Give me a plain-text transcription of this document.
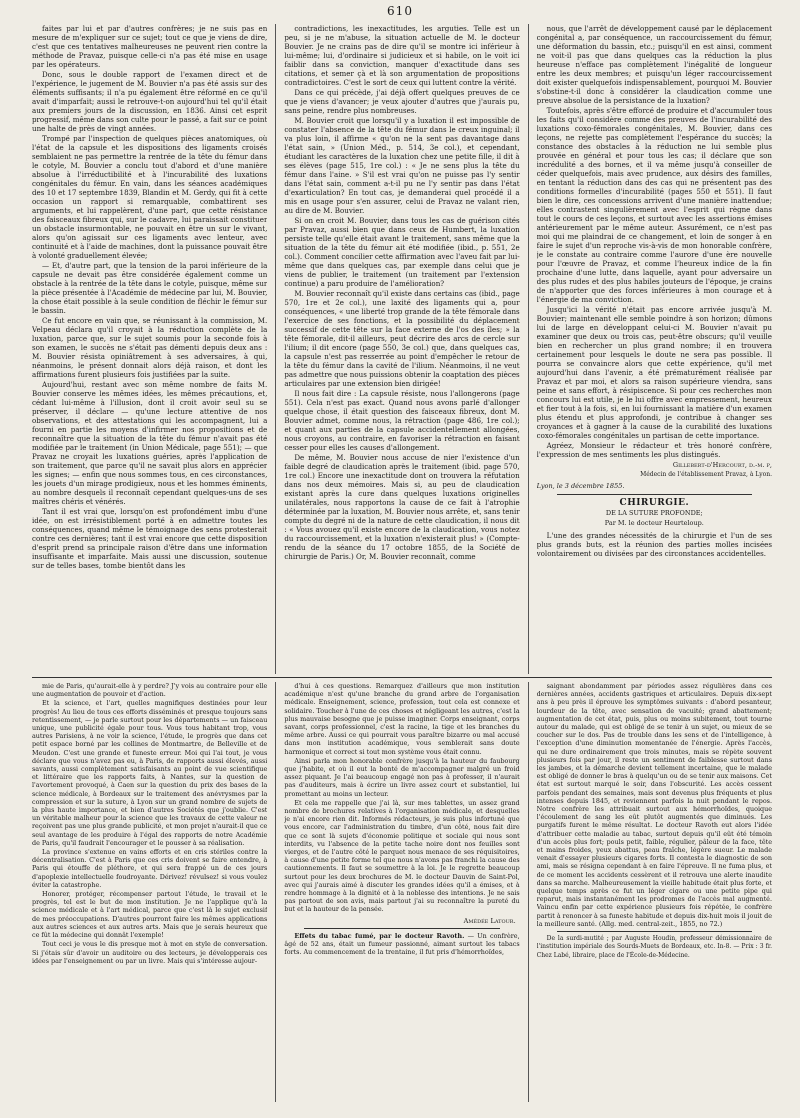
610

faites par lui et par d'autres confrères; je ne suis pas en mesure de m'expliquer sur ce sujet; tout ce que je viens de dire, c'est que ces tentatives malheureuses ne peuvent rien contre la méthode de Pravaz, puisque celle-ci n'a pas été mise en usage par les opérateurs.

Donc, sous le double rapport de l'examen direct et de l'expérience, le jugement de M. Bouvier n'a pas été assis sur des éléments suffisants; il n'a pu également être réformé en ce qu'il avait d'imparfait; aussi le retrouve-t-on aujourd'hui tel qu'il était aux premiers jours de la discussion, en 1836. Ainsi cet esprit progressif, même dans son culte pour le passé, a fait sur ce point une halte de près de vingt années.

Trompé par l'inspection de quelques pièces anatomiques, où l'état de la capsule et les dispositions des ligaments croisés semblaient ne pas permettre la rentrée de la tête du fémur dans le cotyle, M. Bouvier a conclu tout d'abord et d'une manière absolue à l'irréductibilité et à l'incurabilité des luxations congénitales du fémur. En vain, dans les séances académiques des 10 et 17 septembre 1839, Blandin et M. Gerdy, qui fit à cette occasion un rapport si remarquable, combattirent ses arguments, et lui rappelèrent, d'une part, que cette résistance des faisceaux fibreux qui, sur le cadavre, lui paraissait constituer un obstacle insurmontable, ne pouvait en être un sur le vivant, alors qu'on agissait sur ces ligaments avec lenteur, avec continuité et à l'aide de machines, dont la puissance pouvait être à volonté graduellement élevée;

— Et, d'autre part, que la tension de la paroi inférieure de la capsule ne devait pas être considérée également comme un obstacle à la rentrée de la tête dans le cotyle, puisque, même sur la pièce présentée à l'Académie de médecine par lui, M. Bouvier, la chose était possible à la seule condition de fléchir le fémur sur le bassin.

Ce fut encore en vain que, se réunissant à la commission, M. Velpeau déclara qu'il croyait à la réduction complète de la luxation, parce que, sur le sujet soumis pour la seconde fois à son examen, le succès ne s'était pas démenti depuis deux ans : M. Bouvier résista opiniâtrement à ses adversaires, à qui, néanmoins, le présent donnait alors déjà raison, et dont les affirmations furent plusieurs fois justifiées par la suite.

Aujourd'hui, restant avec son même nombre de faits M. Bouvier conserve les mêmes idées, les mêmes précautions, et, cédant lui-même à l'illusion, dont il croit avoir seul su se préserver, il déclare — qu'une lecture attentive de nos observations, et des attestations qui les accompagnent, lui a fourni en partie les moyens d'infirmer nos propositions et de reconnaître que la situation de la tête du fémur n'avait pas été modifiée par le traitement (in Union Médicale, page 551); — que Pravaz ne croyait les luxations guéries, après l'application de son traitement, que parce qu'il ne savait plus alors en apprécier les signes; — enfin que nous sommes tous, en ces circonstances, les jouets d'un mirage prodigieux, nous et les hommes éminents, au nombre desquels il reconnaît cependant quelques-uns de ses maîtres chéris et vénérés.

Tant il est vrai que, lorsqu'on est profondément imbu d'une idée, on est irrésistiblement porté à en admettre toutes les conséquences, quand même le témoignage des sens protesterait contre ces dernières; tant il est vrai encore que cette disposition d'esprit prend sa principale raison d'être dans une information insuffisante et imparfaite. Mais aussi une discussion, soutenue sur de telles bases, tombe bientôt dans les

contradictions, les inexactitudes, les arguties. Telle est un peu, si je ne m'abuse, la situation actuelle de M. le docteur Bouvier. Je ne crains pas de dire qu'il se montre ici inférieur à lui-même; lui, d'ordinaire si judicieux et si habile, on le voit ici faiblir dans sa conviction, manquer d'exactitude dans ses citations, et semer çà et là son argumentation de propositions contradictoires. C'est le sort de ceux qui luttent contre la vérité.

Dans ce qui précède, j'ai déjà offert quelques preuves de ce que je viens d'avancer; je veux ajouter d'autres que j'aurais pu, sans peine, rendre plus nombreuses.

M. Bouvier croit que lorsqu'il y a luxation il est impossible de constater l'absence de la tête du fémur dans le creux inguinal; il va plus loin, il affirme « qu'on ne la sent pas davantage dans l'état sain, » (Union Méd., p. 514, 3e col.), et cependant, étudiant les caractères de la luxation chez une petite fille, il dit à ses élèves (page 515, 1re col.) : « Je ne sens plus la tête du fémur dans l'aine. » S'il est vrai qu'on ne puisse pas l'y sentir dans l'état sain, comment a-t-il pu ne l'y sentir pas dans l'état d'exarticulation? En tout cas, je demanderai quel procédé il a mis en usage pour s'en assurer, celui de Pravaz ne valant rien, au dire de M. Bouvier.

Si on en croit M. Bouvier, dans tous les cas de guérison cités par Pravaz, aussi bien que dans ceux de Humbert, la luxation persiste telle qu'elle était avant le traitement, sans même que la situation de la tête du fémur ait été modifiée (ibid., p. 551, 2e col.). Comment concilier cette affirmation avec l'aveu fait par lui-même que dans quelques cas, par exemple dans celui que je viens de publier, le traitement (un traitement par l'extension continue) a paru produire de l'amélioration?

M. Bouvier reconnaît qu'il existe dans certains cas (ibid., page 570, 1re et 2e col.), une laxité des ligaments qui a, pour conséquences, « une liberté trop grande de la tête fémorale dans l'exercice de ses fonctions, et la possibilité du déplacement successif de cette tête sur la face externe de l'os des îles; » la tête fémorale, dit-il ailleurs, peut décrire des arcs de cercle sur l'ilium; il dit encore (page 550, 3e col.) que, dans quelques cas, la capsule n'est pas resserrée au point d'empêcher le retour de la tête du fémur dans la cavité de l'ilium. Néanmoins, il ne veut pas admettre que nous puissions obtenir la coaptation des pièces articulaires par une extension bien dirigée!

Il nous fait dire : La capsule résiste, nous l'allongerons (page 551). Cela n'est pas exact. Quand nous avons parlé d'allonger quelque chose, il était question des faisceaux fibreux, dont M. Bouvier admet, comme nous, la rétraction (page 486, 1re col.); et quant aux parties de la capsule accidentellement allongées, nous croyons, au contraire, en favoriser la rétraction en faisant cesser pour elles les causes d'allongement.

De même, M. Bouvier nous accuse de nier l'existence d'un faible degré de claudication après le traitement (ibid. page 570, 1re col.) Encore une inexactitude dont on trouvera la réfutation dans nos deux mémoires. Mais si, au peu de claudication existant après la cure dans quelques luxations originelles unilatérales, nous rapportons la cause de ce fait à l'atrophie déterminée par la luxation, M. Bouvier nous arrête, et, sans tenir compte du degré ni de la nature de cette claudication, il nous dit : « Vous avouez qu'il existe encore de la claudication, vous notez du raccourcissement, et la luxation n'existerait plus! » (Compte-rendu de la séance du 17 octobre 1855, de la Société de chirurgie de Paris.) Or, M. Bouvier reconnaît, comme

nous, que l'arrêt de développement causé par le déplacement congénital a, par conséquence, un raccourcissement du fémur, une déformation du bassin, etc.; puisqu'il en est ainsi, comment ne voit-il pas que dans quelques cas la réduction la plus heureuse n'efface pas complètement l'inégalité de longueur entre les deux membres; et puisqu'un léger raccourcissement doit exister quelquefois indispensablement, pourquoi M. Bouvier s'obstine-t-il donc à considérer la claudication comme une preuve absolue de la persistance de la luxation?

Toutefois, après s'être efforcé de produire et d'accumuler tous les faits qu'il considère comme des preuves de l'incurabilité des luxations coxo-fémorales congénitales, M. Bouvier, dans ces leçons, ne rejette pas complètement l'espérance du succès; la constance des obstacles à la réduction ne lui semble plus prouvée en général et pour tous les cas; il déclare que son incrédulité a des bornes, et il va même jusqu'à conseiller de céder quelquefois, mais avec prudence, aux désirs des familles, en tentant la réduction dans des cas qui ne présentent pas des conditions formelles d'incurabilité (pages 550 et 551). Il faut bien le dire, ces concessions arrivent d'une manière inattendue; elles contrastent singulièrement avec l'esprit qui règne dans tout le cours de ces leçons, et surtout avec les assertions émises antérieurement par le même auteur. Assurément, ce n'est pas moi qui me plaindrai de ce changement, et loin de songer à en faire le sujet d'un reproche vis-à-vis de mon honorable confrère, je le constate au contraire comme l'aurore d'une ère nouvelle pour l'œuvre de Pravaz, et comme l'heureux indice de la fin prochaine d'une lutte, dans laquelle, ayant pour adversaire un des plus rudes et des plus habiles jouteurs de l'époque, je crains de n'apporter que des forces inférieures à mon courage et à l'énergie de ma conviction.

Jusqu'ici la vérité n'était pas encore arrivée jusqu'à M. Bouvier; maintenant elle semble poindre à son horizon; dûmons lui de large en développant celui-ci M. Bouvier n'avait pu examiner que deux ou trois cas, peut-être obscurs; qu'il veuille bien en rechercher un plus grand nombre; il en trouvera certainement pour lesquels le doute ne sera pas possible. Il pourra se convaincre alors que cette expérience, qu'il met aujourd'hui dans l'avenir, a été prématurément réalisée par Pravaz et par moi, et alors sa raison supérieure viendra, sans peine et sans effort, à résipiscence. Si pour ces recherches mon concours lui est utile, je le lui offre avec empressement, heureux et fier tout à la fois, si, en lui fournissant la matière d'un examen plus étendu et plus approfondi, je contribue à changer ses croyances et à gagner à la cause de la curabilité des luxations coxo-fémorales congénitales un partisan de cette importance.

Agréez, Monsieur le rédacteur et très honoré confrère, l'expression de mes sentiments les plus distingués.

Gillebert-d'Hercourt, d.-m. p,
Médecin de l'établissement Pravaz, à Lyon.
Lyon, le 3 décembre 1855.
CHIRURGIE.
DE LA SUTURE PROFONDE;
Par M. le docteur Heurteloup.

L'une des grandes nécessités de la chirurgie et l'un de ses plus grands buts, est la réunion des parties molles incisées volontairement ou divisées par des circonstances accidentelles.

mie de Paris, qu'aurait-elle à y perdre? J'y vois au contraire pour elle une augmentation de pouvoir et d'action.

Et la science, et l'art, quelles magnifiques destinées pour leur progrès! Au lieu de tous ces efforts disséminés et presque toujours sans retentissement, — je parle surtout pour les départements — un faisceau unique, une publicité égale pour tous. Vous tous habitant trop, vous autres Parisiens, à ne voir la science, l'étude, le progrès que dans cet petit espace borné par les collines de Montmartre, de Belleville et de Meudon. C'est une grande et funeste erreur. Moi qui l'ai tout, je vous déclare que vous n'avez pas eu, à Paris, de rapports aussi élevés, aussi savants, aussi complètement satisfaisants au point de vue scientifique et littéraire que les rapports faits, à Nantes, sur la question de l'avortement provoqué, à Caen sur la question du prix des bases de la science médicale, à Bordeaux sur le traitement des anévrysmes par la compression et sur la suture, à Lyon sur un grand nombre de sujets de la plus haute importance, et bien d'autres Sociétés que j'oublie. C'est un véritable malheur pour la science que les travaux de cette valeur ne reçoivent pas une plus grande publicité, et mon projet n'aurait-il que ce seul avantage de les produire à l'égal des rapports de notre Académie de Paris, qu'il faudrait l'encourager et le pousser à sa réalisation.

La province s'extenue en vains efforts et en cris stériles contre la décentralisation. C'est à Paris que ces cris doivent se faire entendre, à Paris qui étouffe de pléthore, et qui sera frappé un de ces jours d'apoplexie intellectuelle foudroyante. Dérivez! révulsez! si vous voulez éviter la catastrophe.

Honorer, protéger, récompenser partout l'étude, le travail et le progrès, tel est le but de mon institution. Je ne l'applique qu'à la science médicale et à l'art médical, parce que c'est là le sujet exclusif de mes préoccupations. D'autres pourront faire les mêmes applications aux autres sciences et aux autres arts. Mais que je serais heureux que ce fût la médecine qui donnât l'exemple!

Tout ceci je vous le dis presque mot à mot en style de conversation. Si j'étais sûr d'avoir un auditoire ou des lecteurs, je développerais ces idées par l'enseignement ou par un livre. Mais qui s'intéresse aujour-

d'hui à ces questions. Remarquez d'ailleurs que mon institution académique n'est qu'une branche du grand arbre de l'organisation médicale. Enseignement, science, profession, tout cela est connexe et solidaire. Toucher à l'une de ces choses et négligeant les autres, c'est la plus mauvaise besogne que je puisse imaginer. Corps enseignant, corps savant, corps professionnel, c'est la racine, la tige et les branches du même arbre. Aussi ce qui pourrait vous paraître bizarre ou mal accusé dans mon institution académique, vous semblerait sans doute harmonique et correct si tout mon système vous était connu.

Ainsi parla mon honorable confrère jusqu'à la hauteur du faubourg que j'habite, et où il eut la bonté de m'accompagner malgré un froid assez piquant. Je l'ai beaucoup engagé non pas à professer, il n'aurait pas d'auditeurs, mais à écrire un livre assez court et substantiel, lui promettant au moins un lecteur.

Et cela me rappelle que j'ai là, sur mes tablettes, un assez grand nombre de brochures relatives à l'organisation médicale, et desquelles je n'ai encore rien dit. Informés rédacteurs, je suis plus infortuné que vous encore, car l'administration du timbre, d'un côté, nous fait dire que ce sont là sujets d'économie politique et sociale qui nous sont interdits, vu l'absence de la petite tache noire dont nos feuilles sont vierges, et de l'autre côté le parquet nous menace de ses réquisitoires, à cause d'une petite forme tel que nous n'avons pas franchi la cause des cautionnements. Il faut se soumettre à la loi. Je le regrette beaucoup surtout pour les deux brochures de M. le docteur Dauvin de Saint-Pol, avec qui j'aurais aimé à discuter les grandes idées qu'il a émises, et à rendre hommage à la dignité et à la noblesse des intentions. Je ne sais pas partout de son avis, mais partout j'ai su reconnaître la pureté du but et la hauteur de la pensée.

Amédée Latour.

Effets du tabac fumé, par le docteur Ravoth. — Un confrère, âgé de 52 ans, était un fumeur passionné, aimant surtout les tabacs forts. Au commencement de la trentaine, il fut pris d'hémorrhoïdes,

saignant abondamment par périodes assez régulières dans ces dernières années, accidents gastriques et articulaires. Depuis dix-sept ans à peu près il éprouve les symptômes suivants : d'abord pesanteur, lourdeur de la tête, avec sensation de vacuité; grand abattement; augmentation de cet état, puis, plus ou moins subitement, tout tourne autour du malade, qui est obligé de se tenir à un sujet, ou mieux de se coucher sur le dos. Pas de trouble dans les sens et de l'intelligence, à l'exception d'une diminution momentanée de l'énergie. Après l'accès, qui ne dure ordinairement que trois minutes, mais se répète souvent plusieurs fois par jour, il reste un sentiment de faiblesse surtout dans les jambes, et la démarche devient tellement incertaine, que le malade est obligé de donner le bras à quelqu'un ou de se tenir aux maisons. Cet état est surtout marqué le soir, dans l'obscurité. Les accès cessent parfois pendant des semaines, mais sont devenus plus fréquents et plus intenses depuis 1845, et reviennent parfois la nuit pendant le repos. Notre confrère les attribuait surtout aux hémorrhoïdes, quoique l'écoulement de sang les eût plutôt augmentés que diminués. Les purgatifs furent le même résultat. Le docteur Ravoth eut alors l'idée d'attribuer cette maladie au tabac, surtout depuis qu'il eût été témoin d'un accès plus fort; pouls petit, faible, régulier, pâleur de la face, tête et mains froides, yeux abattus, peau fraîche, légère sueur. Le malade venait d'essayer plusieurs cigares forts. Il contesta le diagnostic de son ami, mais se résigna cependant à en faire l'épreuve. Il ne fuma plus, et de ce moment les accidents cessèrent et il retrouva une alerte inaudite dans sa marche. Malheureusement la vieille habitude était plus forte, et quelque temps après ce fut un léger cigare ou une petite pipe qui reparut, mais instantanément les prodromes de l'accès mal augmenté. Vaincu enfin par cette expérience plusieurs fois répétée, le confrère partit à renoncer à sa funeste habitude et depuis dix-huit mois il jouit de la meilleure santé. (Allg. med. central-zeit., 1855, no 72.)

De la surdi-mutité ; par Auguste Houdin, professeur démissionnaire de l'institution impériale des Sourds-Muets de Bordeaux, etc. In-8. — Prix : 3 fr. Chez Labé, libraire, place de l'École-de-Médecine.
